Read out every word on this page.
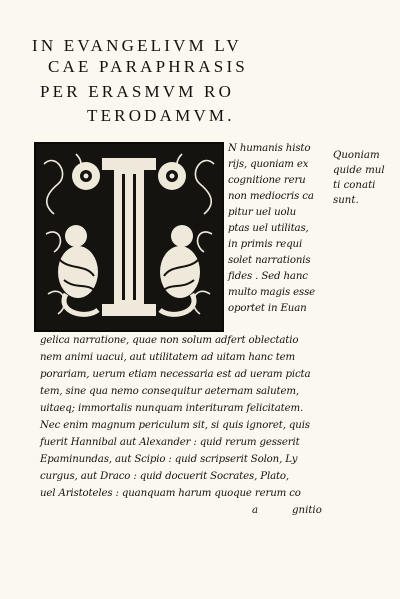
IN EVANGELIVM LV
CAE PARAPHRASIS
PER ERASMVM RO
TERODAMVM.
N humanis histo
rijs, quoniam ex
cognitione reru
non mediocris ca
pitur uel uolu
ptas uel utilitas,
in primis requi
solet narrationis
fides . Sed hanc
multo magis esse
oportet in Euan
Quoniam
quide mul
ti conati
sunt.
gelica narratione, quae non solum adfert oblectatio
nem animi uacui, aut utilitatem ad uitam hanc tem
porariam, uerum etiam necessaria est ad ueram picta
tem, sine qua nemo consequitur aeternam salutem,
uitaeq; immortalis nunquam interituram felicitatem.
Nec enim magnum periculum sit, si quis ignoret, quis
fuerit Hannibal aut Alexander : quid rerum gesserit
Epaminundas, aut Scipio : quid scripserit Solon, Ly
curgus, aut Draco : quid docuerit Socrates, Plato,
uel Aristoteles : quanquam harum quoque rerum co
a	gnitio
